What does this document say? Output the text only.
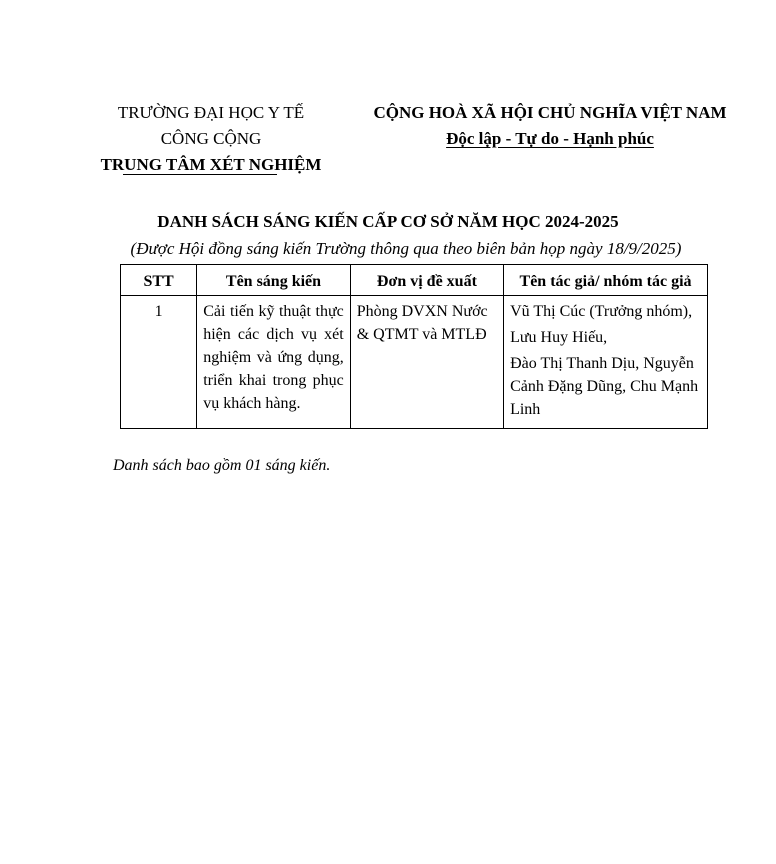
TRƯỜNG ĐẠI HỌC Y TẾ
CÔNG CỘNG
TRUNG TÂM XÉT NGHIỆM
CỘNG HOÀ XÃ HỘI CHỦ NGHĨA VIỆT NAM
Độc lập - Tự do - Hạnh phúc
DANH SÁCH SÁNG KIẾN CẤP CƠ SỞ NĂM HỌC 2024-2025
(Được Hội đồng sáng kiến Trường thông qua theo biên bản họp ngày 18/9/2025)
STT	Tên sáng kiến	Đơn vị đề xuất	Tên tác giả/ nhóm tác giả
1	Cải tiến kỹ thuật thực hiện các dịch vụ xét nghiệm và ứng dụng, triển khai trong phục vụ khách hàng.	Phòng DVXN Nước & QTMT và MTLĐ	Vũ Thị Cúc (Trưởng nhóm),
Lưu Huy Hiếu,
Đào Thị Thanh Dịu, Nguyễn Cảnh Đặng Dũng, Chu Mạnh Linh
Danh sách bao gồm 01 sáng kiến.
